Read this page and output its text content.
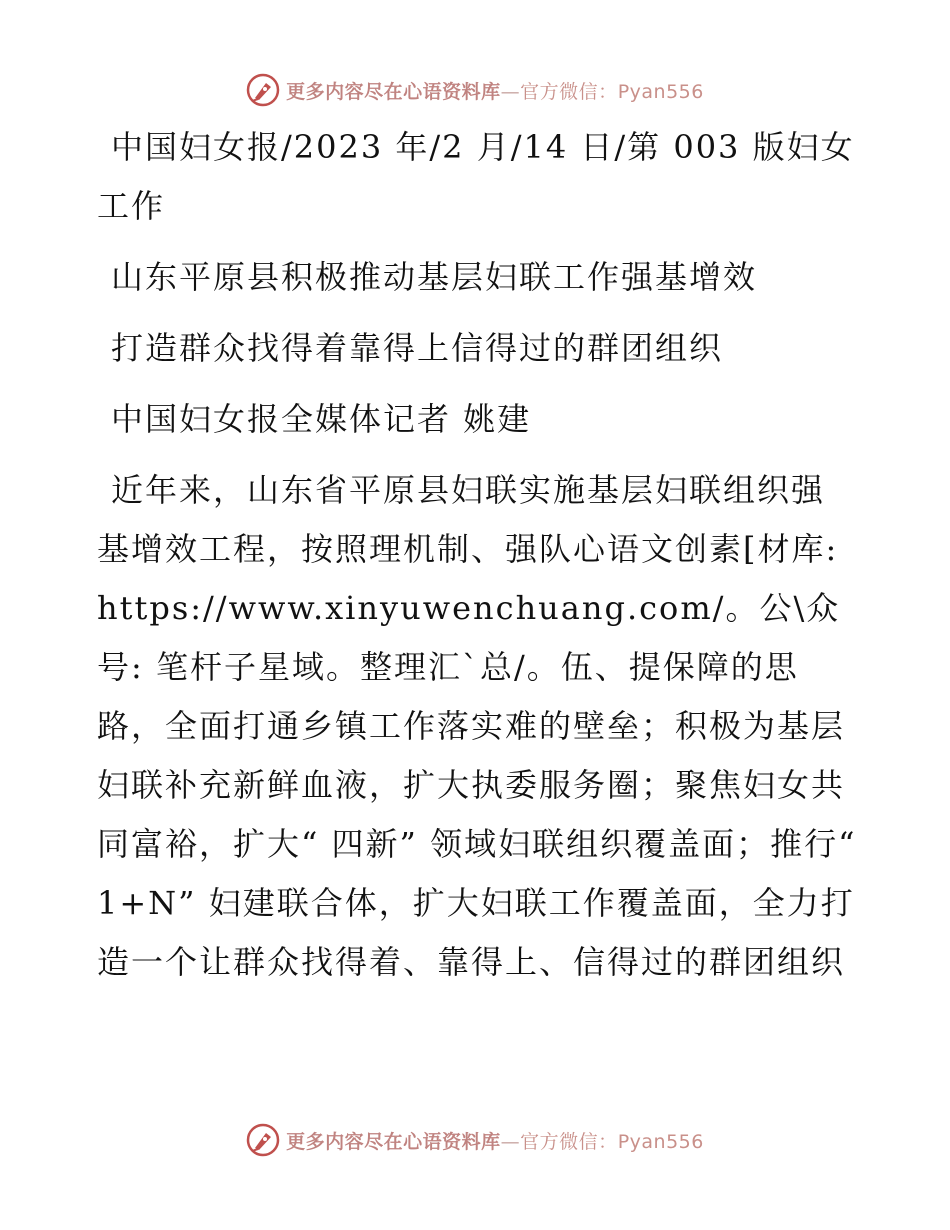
更多内容尽在心语资料库—官方微信：Pyan556

中国妇女报/2023 年/2 月/14 日/第 003 版妇女工作

山东平原县积极推动基层妇联工作强基增效

打造群众找得着靠得上信得过的群团组织

中国妇女报全媒体记者 姚建

近年来，山东省平原县妇联实施基层妇联组织强基增效工程，按照理机制、强队心语文创素[材库: https://www.xinyuwenchuang.com/。公\众号: 笔杆子星域。整理汇`总/。伍、提保障的思路，全面打通乡镇工作落实难的壁垒；积极为基层妇联补充新鲜血液，扩大执委服务圈；聚焦妇女共同富裕，扩大“ 四新” 领域妇联组织覆盖面；推行“ 1+N” 妇建联合体，扩大妇联工作覆盖面，全力打造一个让群众找得着、靠得上、信得过的群团组织

更多内容尽在心语资料库—官方微信：Pyan556
